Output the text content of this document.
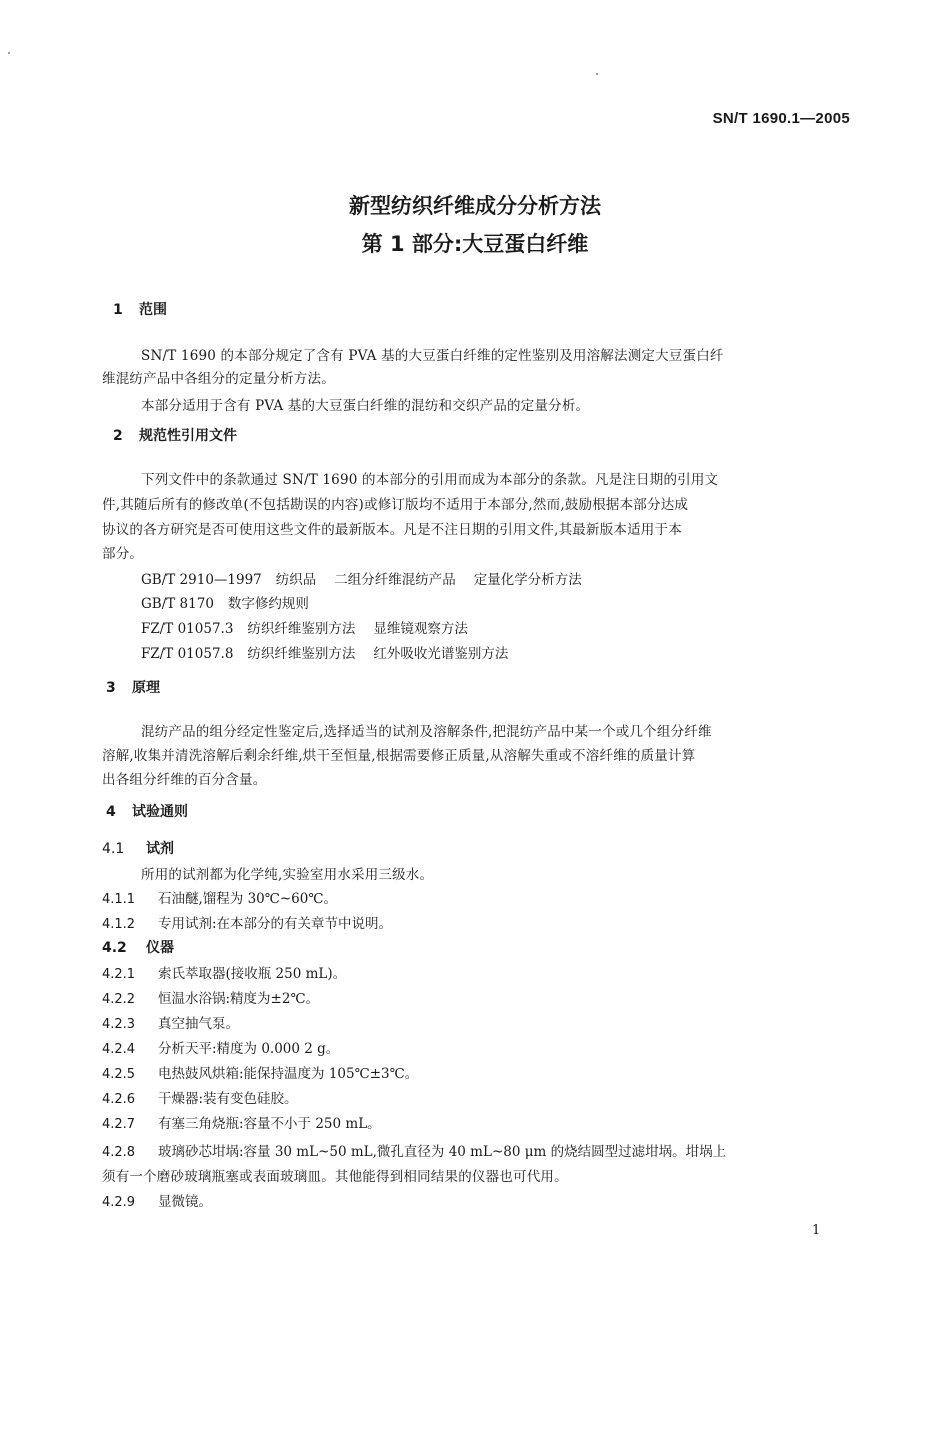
SN/T 1690.1—2005
新型纺织纤维成分分析方法
第 1 部分:大豆蛋白纤维
1 范围
SN/T 1690 的本部分规定了含有 PVA 基的大豆蛋白纤维的定性鉴别及用溶解法测定大豆蛋白纤
维混纺产品中各组分的定量分析方法。
本部分适用于含有 PVA 基的大豆蛋白纤维的混纺和交织产品的定量分析。
2 规范性引用文件
下列文件中的条款通过 SN/T 1690 的本部分的引用而成为本部分的条款。凡是注日期的引用文
件,其随后所有的修改单(不包括勘误的内容)或修订版均不适用于本部分,然而,鼓励根据本部分达成
协议的各方研究是否可使用这些文件的最新版本。凡是不注日期的引用文件,其最新版本适用于本
部分。
GB/T 2910—1997 纺织品 二组分纤维混纺产品 定量化学分析方法
GB/T 8170 数字修约规则
FZ/T 01057.3 纺织纤维鉴别方法 显维镜观察方法
FZ/T 01057.8 纺织纤维鉴别方法 红外吸收光谱鉴别方法
3 原理
混纺产品的组分经定性鉴定后,选择适当的试剂及溶解条件,把混纺产品中某一个或几个组分纤维
溶解,收集并清洗溶解后剩余纤维,烘干至恒量,根据需要修正质量,从溶解失重或不溶纤维的质量计算
出各组分纤维的百分含量。
4 试验通则
4.1 试剂
所用的试剂都为化学纯,实验室用水采用三级水。
4.1.1 石油醚,馏程为 30℃~60℃。
4.1.2 专用试剂:在本部分的有关章节中说明。
4.2 仪器
4.2.1 索氏萃取器(接收瓶 250 mL)。
4.2.2 恒温水浴锅:精度为±2℃。
4.2.3 真空抽气泵。
4.2.4 分析天平:精度为 0.000 2 g。
4.2.5 电热鼓风烘箱:能保持温度为 105℃±3℃。
4.2.6 干燥器:装有变色硅胶。
4.2.7 有塞三角烧瓶:容量不小于 250 mL。
4.2.8 玻璃砂芯坩埚:容量 30 mL~50 mL,微孔直径为 40 mL~80 μm 的烧结圆型过滤坩埚。坩埚上
须有一个磨砂玻璃瓶塞或表面玻璃皿。其他能得到相同结果的仪器也可代用。
4.2.9 显微镜。
1
